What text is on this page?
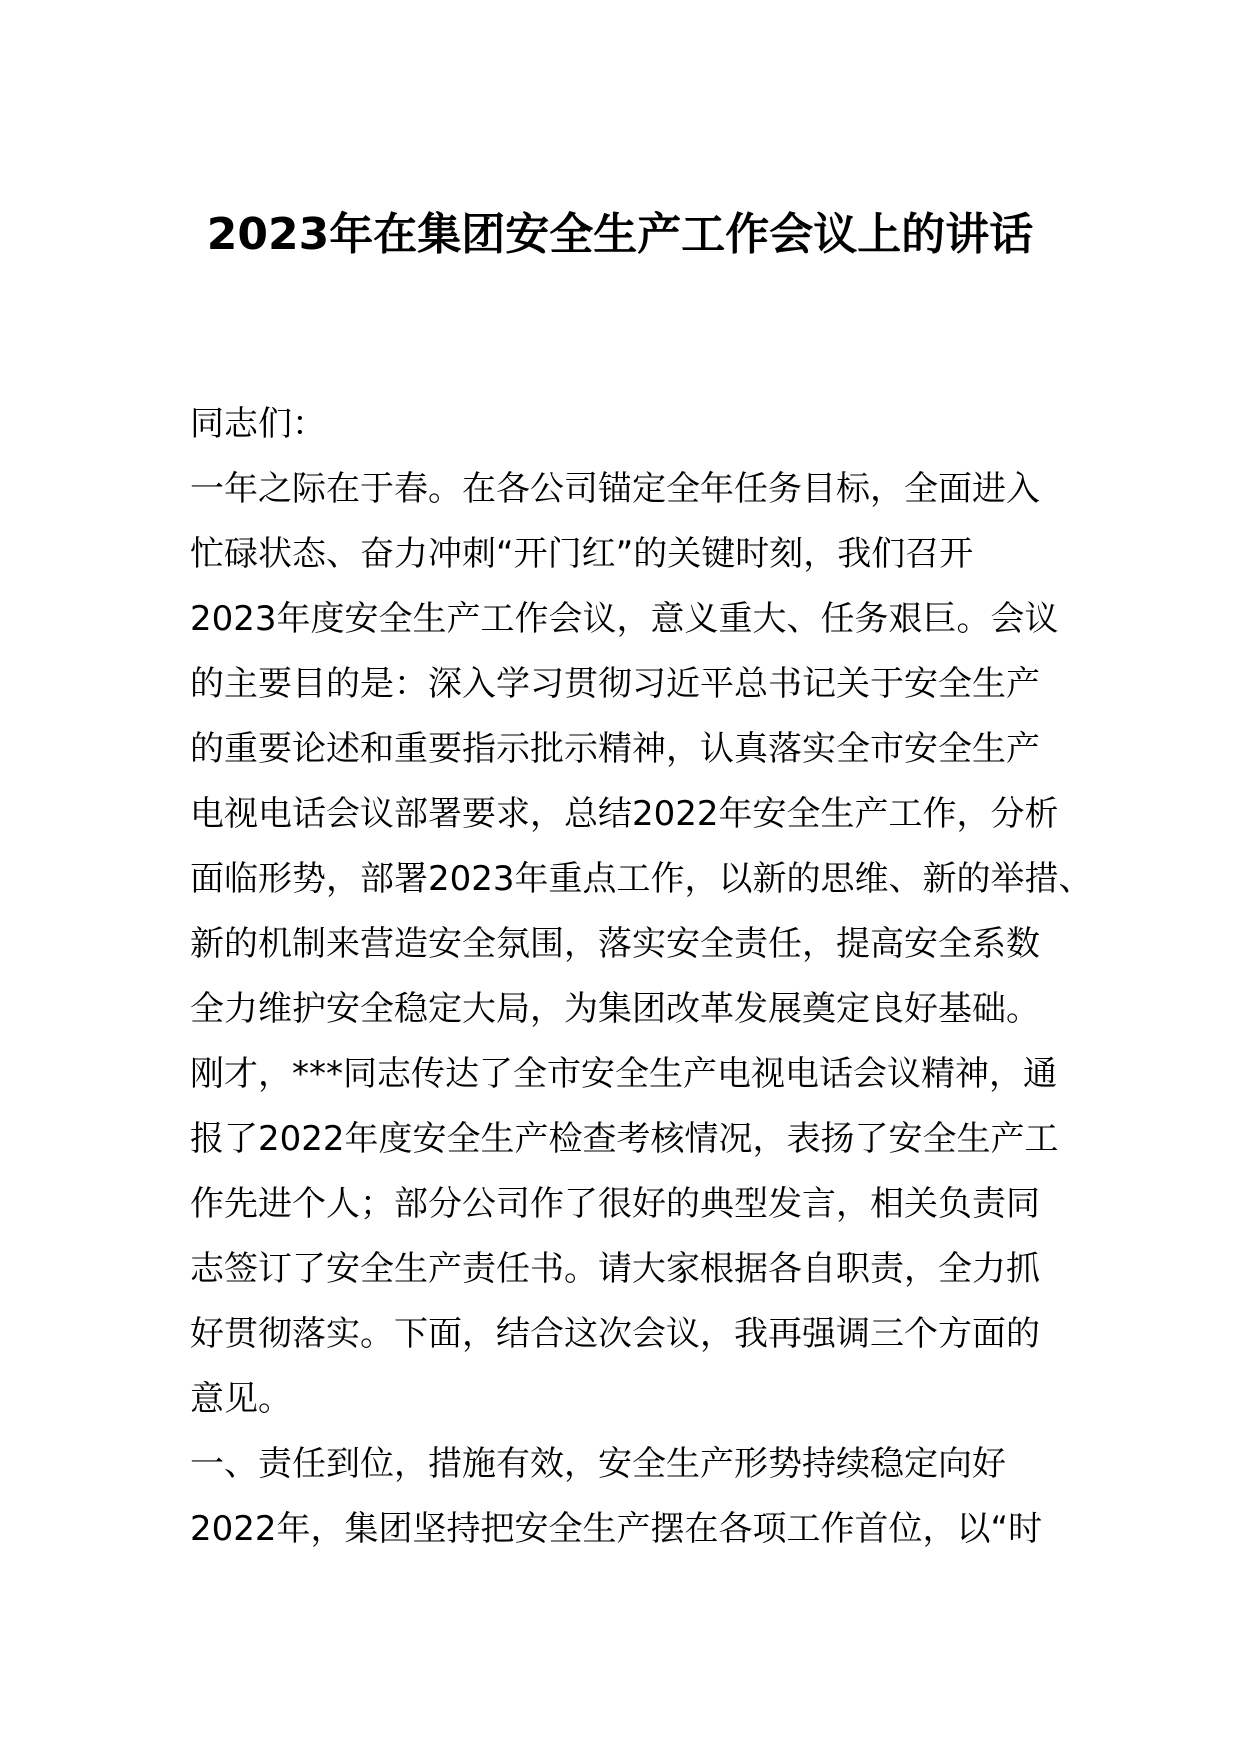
2023年在集团安全生产工作会议上的讲话
同志们：
一年之际在于春。在各公司锚定全年任务目标，全面进入
忙碌状态、奋力冲刺“开门红”的关键时刻，我们召开
2023年度安全生产工作会议，意义重大、任务艰巨。会议
的主要目的是：深入学习贯彻习近平总书记关于安全生产
的重要论述和重要指示批示精神，认真落实全市安全生产
电视电话会议部署要求，总结2022年安全生产工作，分析
面临形势，部署2023年重点工作，以新的思维、新的举措、
新的机制来营造安全氛围，落实安全责任，提高安全系数
全力维护安全稳定大局，为集团改革发展奠定良好基础。
刚才，***同志传达了全市安全生产电视电话会议精神，通
报了2022年度安全生产检查考核情况，表扬了安全生产工
作先进个人；部分公司作了很好的典型发言，相关负责同
志签订了安全生产责任书。请大家根据各自职责，全力抓
好贯彻落实。下面，结合这次会议，我再强调三个方面的
意见。
一、责任到位，措施有效，安全生产形势持续稳定向好
2022年，集团坚持把安全生产摆在各项工作首位，以“时
